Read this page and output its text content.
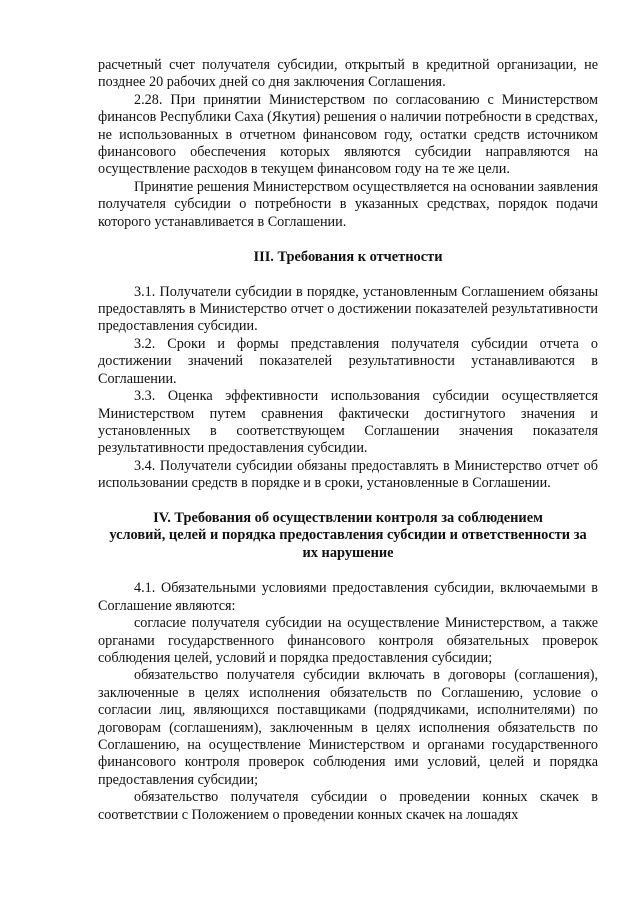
расчетный счет получателя субсидии, открытый в кредитной организации, не позднее 20 рабочих дней со дня заключения Соглашения.

2.28. При принятии Министерством по согласованию с Министерством финансов Республики Саха (Якутия) решения о наличии потребности в средствах, не использованных в отчетном финансовом году, остатки средств источником финансового обеспечения которых являются субсидии направляются на осуществление расходов в текущем финансовом году на те же цели.

Принятие решения Министерством осуществляется на основании заявления получателя субсидии о потребности в указанных средствах, порядок подачи которого устанавливается в Соглашении.

III. Требования к отчетности

3.1. Получатели субсидии в порядке, установленным Соглашением обязаны предоставлять в Министерство отчет о достижении показателей результативности предоставления субсидии.

3.2. Сроки и формы представления получателя субсидии отчета о достижении значений показателей результативности устанавливаются в Соглашении.

3.3. Оценка эффективности использования субсидии осуществляется Министерством путем сравнения фактически достигнутого значения и установленных в соответствующем Соглашении значения показателя результативности предоставления субсидии.

3.4. Получатели субсидии обязаны предоставлять в Министерство отчет об использовании средств в порядке и в сроки, установленные в Соглашении.

IV. Требования об осуществлении контроля за соблюдением
условий, целей и порядка предоставления субсидии и ответственности за
их нарушение

4.1. Обязательными условиями предоставления субсидии, включаемыми в Соглашение являются:

согласие получателя субсидии на осуществление Министерством, а также органами государственного финансового контроля обязательных проверок соблюдения целей, условий и порядка предоставления субсидии;

обязательство получателя субсидии включать в договоры (соглашения), заключенные в целях исполнения обязательств по Соглашению, условие о согласии лиц, являющихся поставщиками (подрядчиками, исполнителями) по договорам (соглашениям), заключенным в целях исполнения обязательств по Соглашению, на осуществление Министерством и органами государственного финансового контроля проверок соблюдения ими условий, целей и порядка предоставления субсидии;

обязательство получателя субсидии о проведении конных скачек в соответствии с Положением о проведении конных скачек на лошадях
